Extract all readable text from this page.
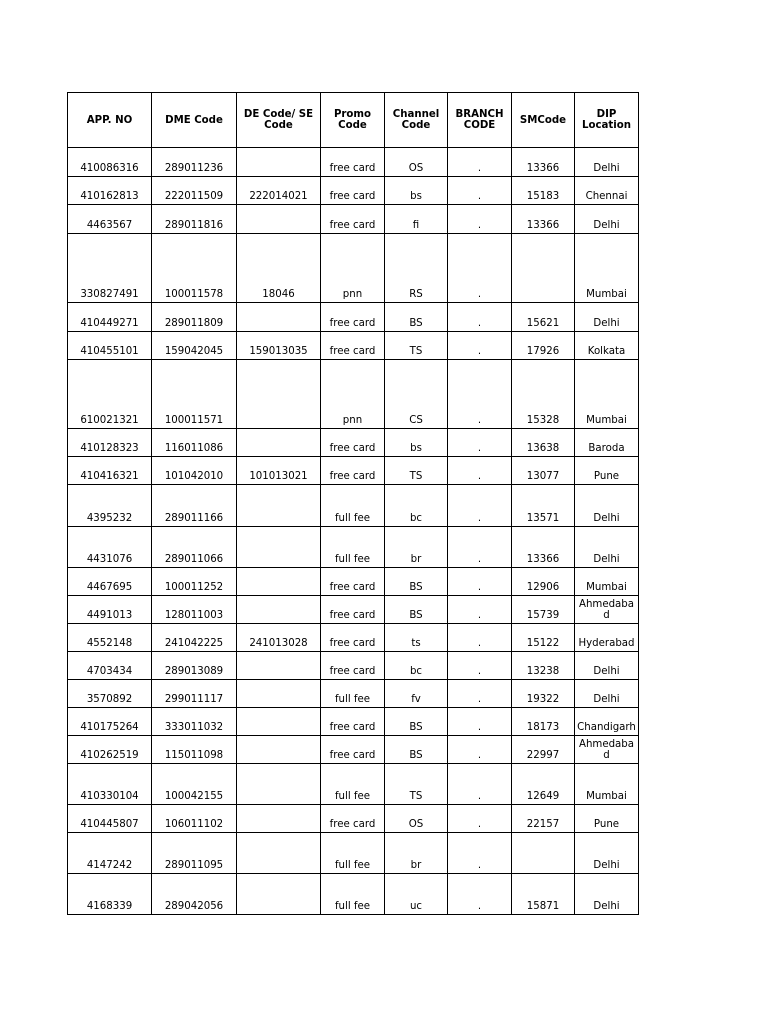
APP. NO	DME Code	DE Code/ SE Code	Promo Code	Channel Code	BRANCH CODE	SMCode	DIP Location
410086316	289011236		free card	OS	.	13366	Delhi
410162813	222011509	222014021	free card	bs	.	15183	Chennai
4463567	289011816		free card	fi	.	13366	Delhi
330827491	100011578	18046	pnn	RS	.		Mumbai
410449271	289011809		free card	BS	.	15621	Delhi
410455101	159042045	159013035	free card	TS	.	17926	Kolkata
610021321	100011571		pnn	CS	.	15328	Mumbai
410128323	116011086		free card	bs	.	13638	Baroda
410416321	101042010	101013021	free card	TS	.	13077	Pune
4395232	289011166		full fee	bc	.	13571	Delhi
4431076	289011066		full fee	br	.	13366	Delhi
4467695	100011252		free card	BS	.	12906	Mumbai
4491013	128011003		free card	BS	.	15739	Ahmedaba d
4552148	241042225	241013028	free card	ts	.	15122	Hyderabad
4703434	289013089		free card	bc	.	13238	Delhi
3570892	299011117		full fee	fv	.	19322	Delhi
410175264	333011032		free card	BS	.	18173	Chandigarh
410262519	115011098		free card	BS	.	22997	Ahmedaba d
410330104	100042155		full fee	TS	.	12649	Mumbai
410445807	106011102		free card	OS	.	22157	Pune
4147242	289011095		full fee	br	.		Delhi
4168339	289042056		full fee	uc	.	15871	Delhi
